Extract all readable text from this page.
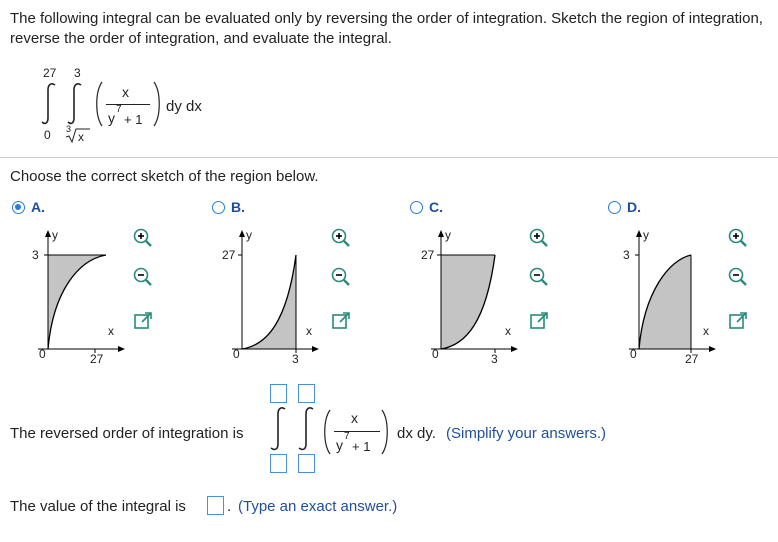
The following integral can be evaluated only by reversing the order of integration. Sketch the region of integration, reverse the order of integration, and evaluate the integral.
27 3
0 3
x
x
y
7
+ 1
dy dx
Choose the correct sketch of the region below.
A.	B.	C.	D.
y
3
x
27
0
y
27
x
3
0
y
27
x
3
0
y
3
x
27
0
The reversed order of integration is
x
y
7
+ 1
dx dy. (Simplify your answers.)
The value of the integral is	. (Type an exact answer.)
